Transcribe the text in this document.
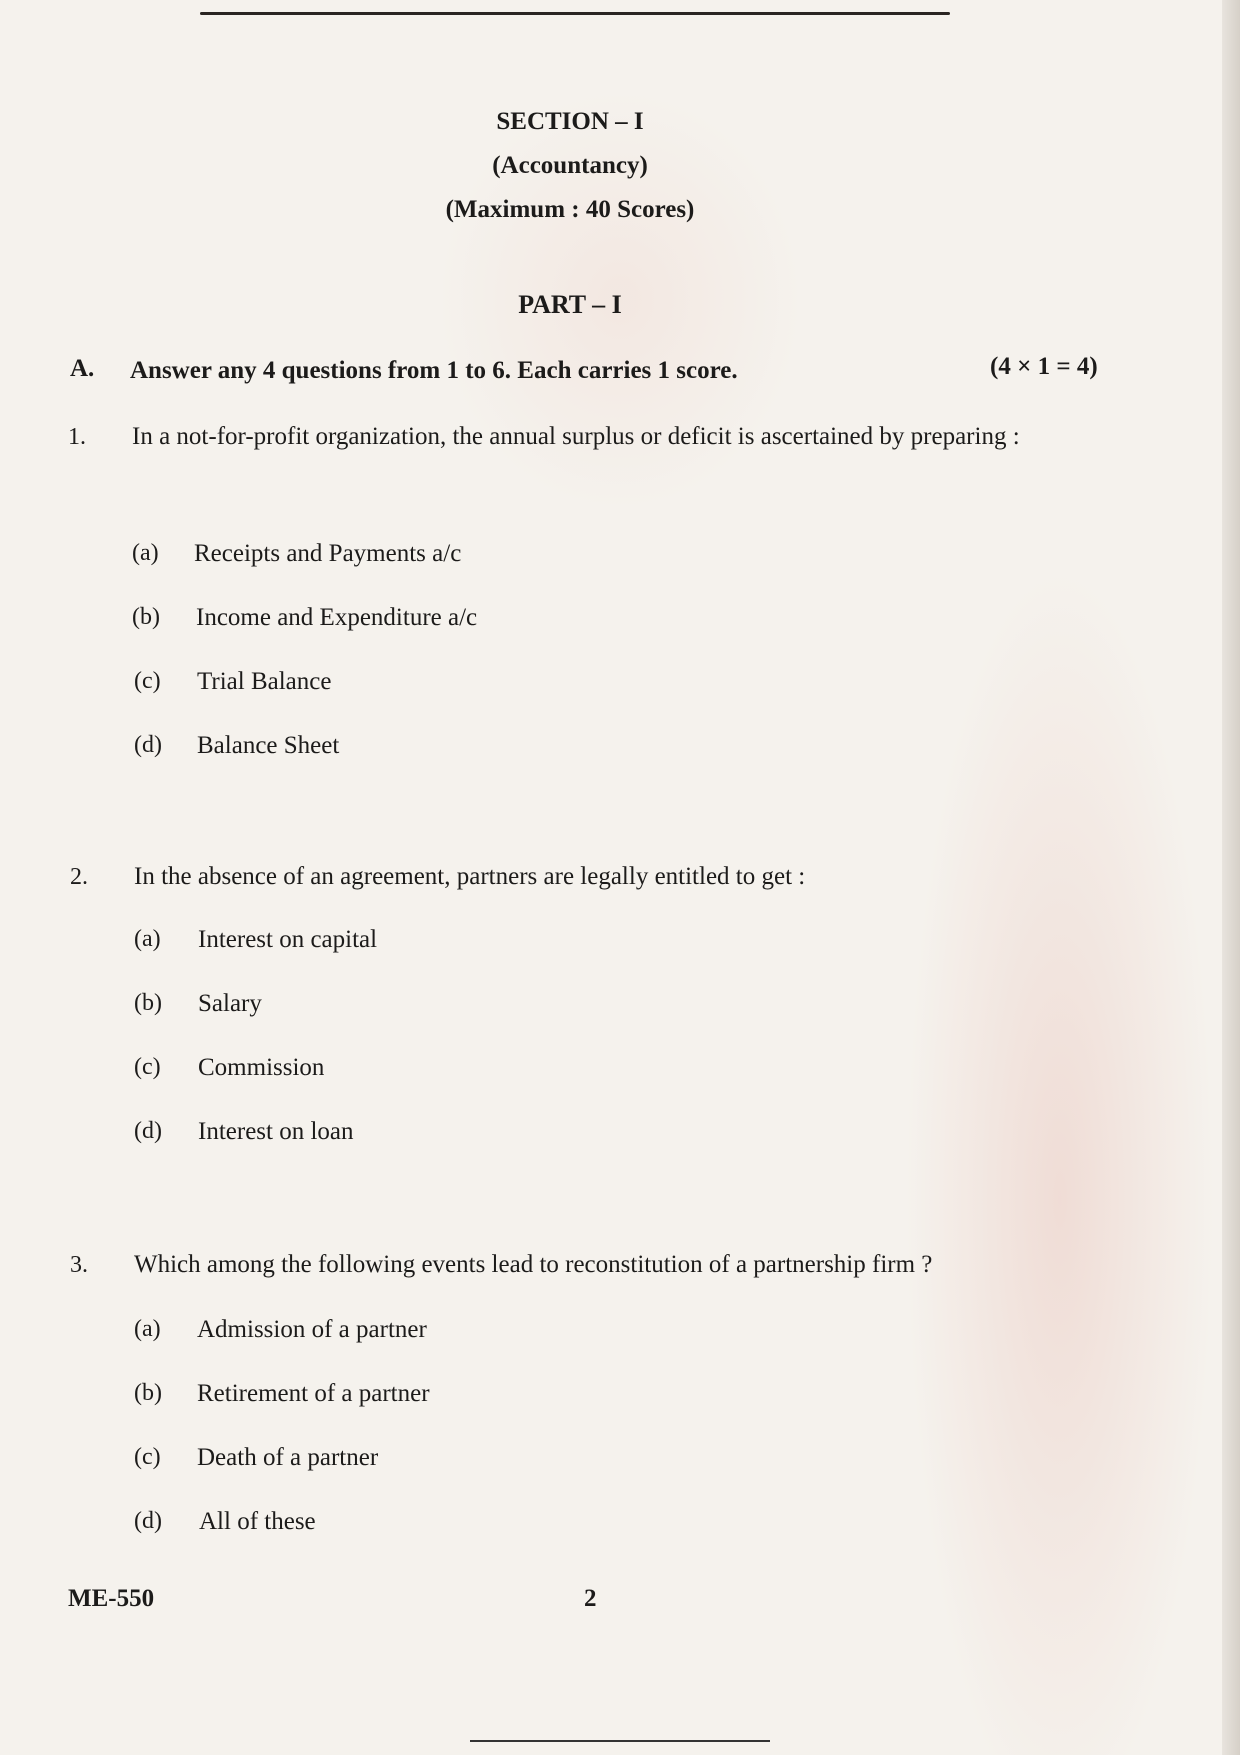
SECTION – I
(Accountancy)
(Maximum : 40 Scores)
PART – I
A. Answer any 4 questions from 1 to 6. Each carries 1 score.	(4 × 1 = 4)
1. In a not-for-profit organization, the annual surplus or deficit is ascertained by preparing :
(a) Receipts and Payments a/c
(b) Income and Expenditure a/c
(c) Trial Balance
(d) Balance Sheet
2. In the absence of an agreement, partners are legally entitled to get :
(a) Interest on capital
(b) Salary
(c) Commission
(d) Interest on loan
3. Which among the following events lead to reconstitution of a partnership firm ?
(a) Admission of a partner
(b) Retirement of a partner
(c) Death of a partner
(d) All of these
ME-550	2
